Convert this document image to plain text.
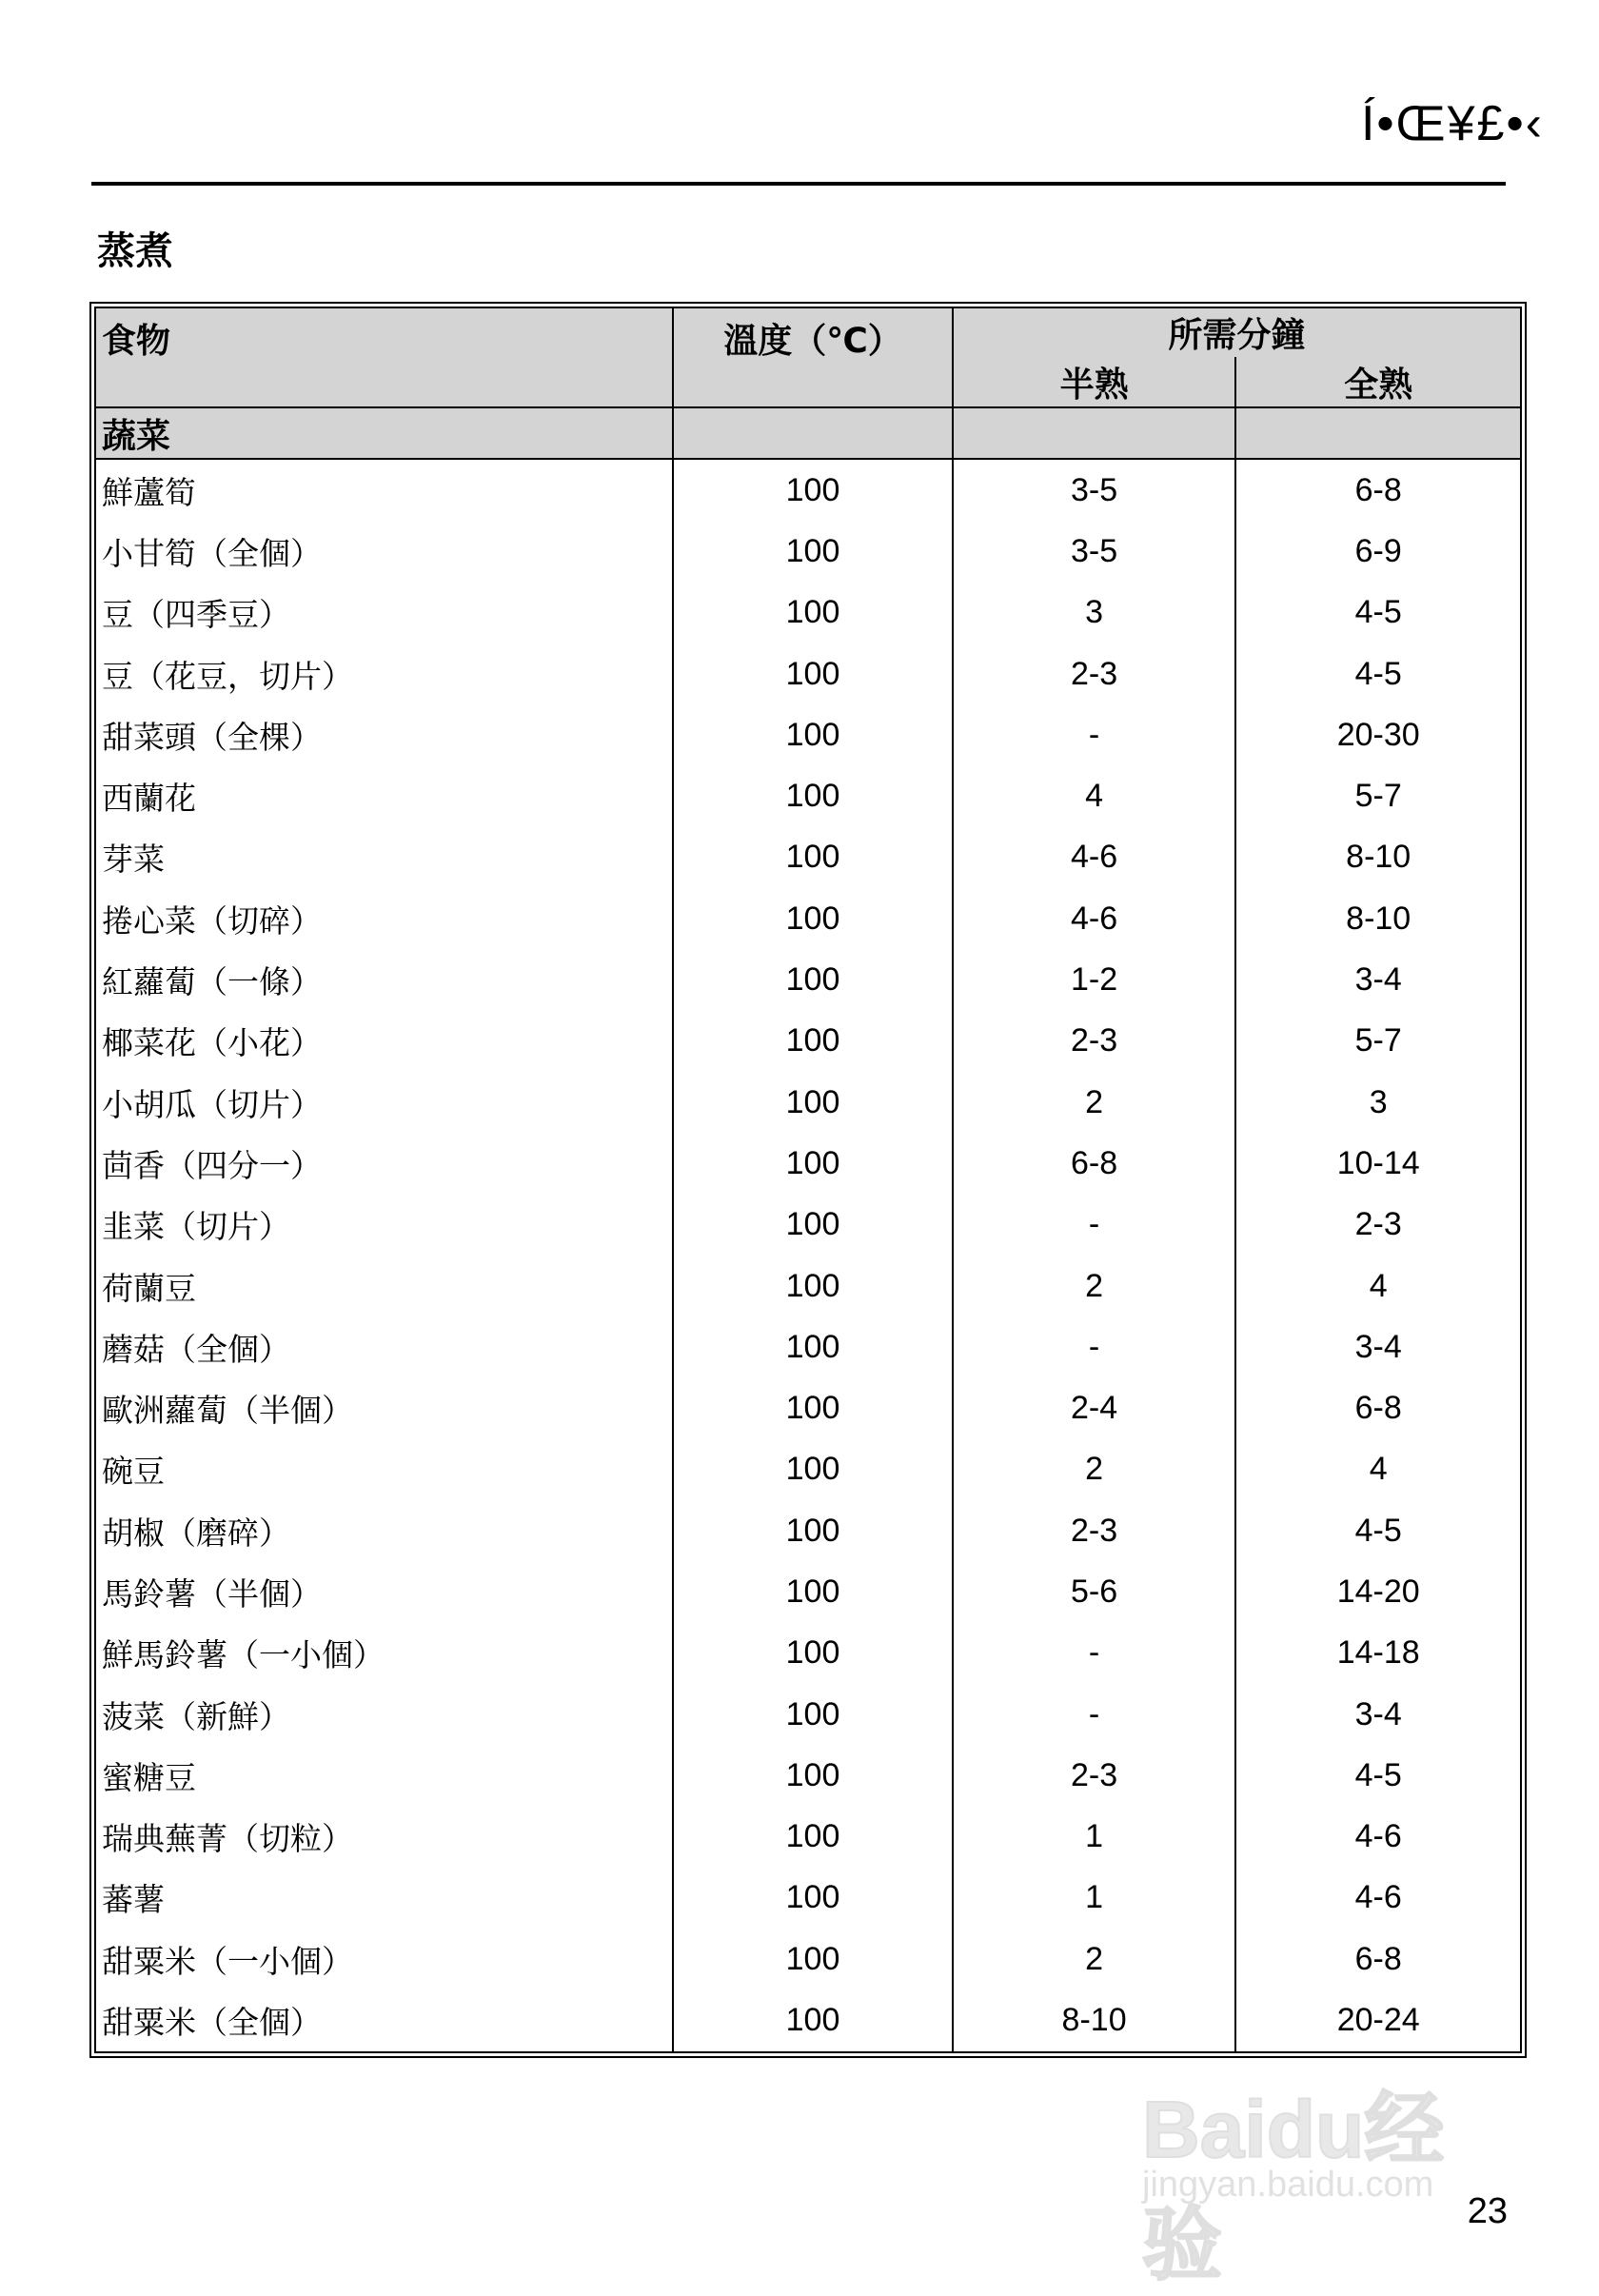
Í•Œ¥£•‹
蒸煮
食物	溫度（℃）	所需分鐘	
		半熟	全熟
蔬菜			
鮮蘆筍	100	3-5	6-8
小甘筍（全個）	100	3-5	6-9
豆（四季豆）	100	3	4-5
豆（花豆，切片）	100	2-3	4-5
甜菜頭（全棵）	100	-	20-30
西蘭花	100	4	5-7
芽菜	100	4-6	8-10
捲心菜（切碎）	100	4-6	8-10
紅蘿蔔（一條）	100	1-2	3-4
椰菜花（小花）	100	2-3	5-7
小胡瓜（切片）	100	2	3
茴香（四分一）	100	6-8	10-14
韭菜（切片）	100	-	2-3
荷蘭豆	100	2	4
蘑菇（全個）	100	-	3-4
歐洲蘿蔔（半個）	100	2-4	6-8
碗豆	100	2	4
胡椒（磨碎）	100	2-3	4-5
馬鈴薯（半個）	100	5-6	14-20
鮮馬鈴薯（一小個）	100	-	14-18
菠菜（新鮮）	100	-	3-4
蜜糖豆	100	2-3	4-5
瑞典蕪菁（切粒）	100	1	4-6
蕃薯	100	1	4-6
甜粟米（一小個）	100	2	6-8
甜粟米（全個）	100	8-10	20-24
Baidu经验
jingyan.baidu.com
23
